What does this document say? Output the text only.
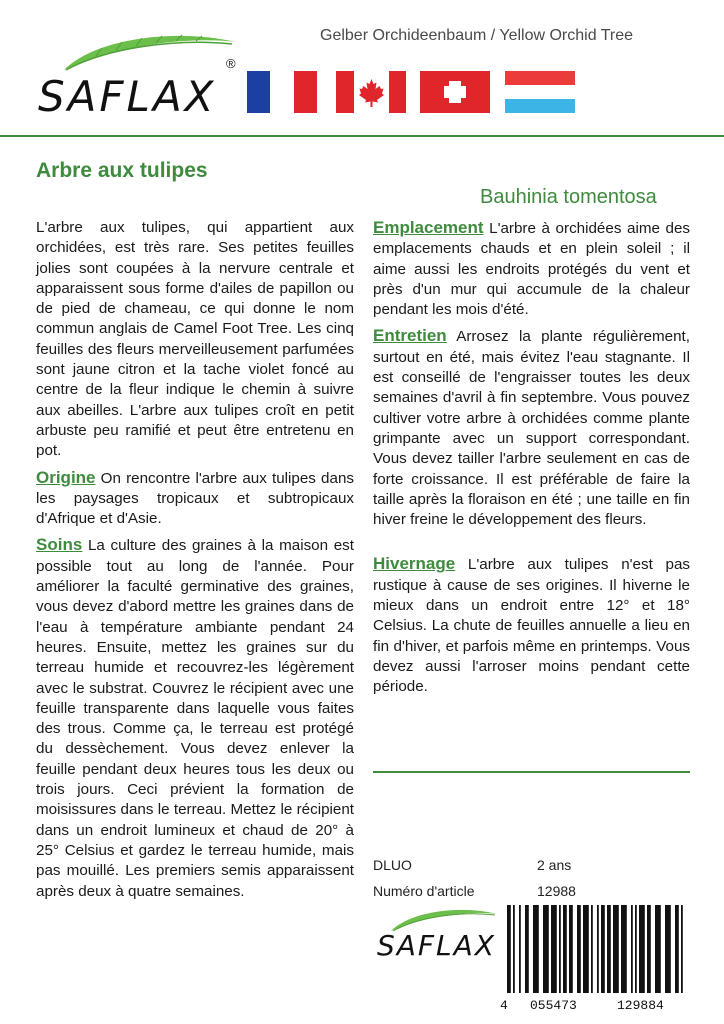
Gelber Orchideenbaum / Yellow Orchid Tree
SAFLAX
®
Arbre aux tulipes
Bauhinia tomentosa

L'arbre aux tulipes, qui appartient aux orchidées, est très rare. Ses petites feuilles jolies sont coupées à la nervure centrale et apparaissent sous forme d'ailes de papillon ou de pied de chameau, ce qui donne le nom commun anglais de Camel Foot Tree. Les cinq feuilles des fleurs merveilleusement parfumées sont jaune citron et la tache violet foncé au centre de la fleur indique le chemin à suivre aux abeilles. L'arbre aux tulipes croît en petit arbuste peu ramifié et peut être entretenu en pot.

Origine On rencontre l'arbre aux tulipes dans les paysages tropicaux et subtropicaux d'Afrique et d'Asie.

Soins La culture des graines à la maison est possible tout au long de l'année. Pour améliorer la faculté germinative des graines, vous devez d'abord mettre les graines dans de l'eau à température ambiante pendant 24 heures. Ensuite, mettez les graines sur du terreau humide et recouvrez-les légèrement avec le substrat. Couvrez le récipient avec une feuille transparente dans laquelle vous faites des trous. Comme ça, le terreau est protégé du dessèchement. Vous devez enlever la feuille pendant deux heures tous les deux ou trois jours. Ceci prévient la formation de moisissures dans le terreau. Mettez le récipient dans un endroit lumineux et chaud de 20° à 25° Celsius et gardez le terreau humide, mais pas mouillé. Les premiers semis apparaissent après deux à quatre semaines.

Emplacement L'arbre à orchidées aime des emplacements chauds et en plein soleil ; il aime aussi les endroits protégés du vent et près d'un mur qui accumule de la chaleur pendant les mois d'été.

Entretien Arrosez la plante régulièrement, surtout en été, mais évitez l'eau stagnante. Il est conseillé de l'engraisser toutes les deux semaines d'avril à fin septembre. Vous pouvez cultiver votre arbre à orchidées comme plante grimpante avec un support correspondant. Vous devez tailler l'arbre seulement en cas de forte croissance. Il est préférable de faire la taille après la floraison en été ; une taille en fin hiver freine le développement des fleurs.

Hivernage L'arbre aux tulipes n'est pas rustique à cause de ses origines. Il hiverne le mieux dans un endroit entre 12° et 18° Celsius. La chute de feuilles annuelle a lieu en fin d'hiver, et parfois même en printemps. Vous devez aussi l'arroser moins pendant cette période.

DLUO	2 ans
Numéro d'article	12988
SAFLAX
4 055473	129884
